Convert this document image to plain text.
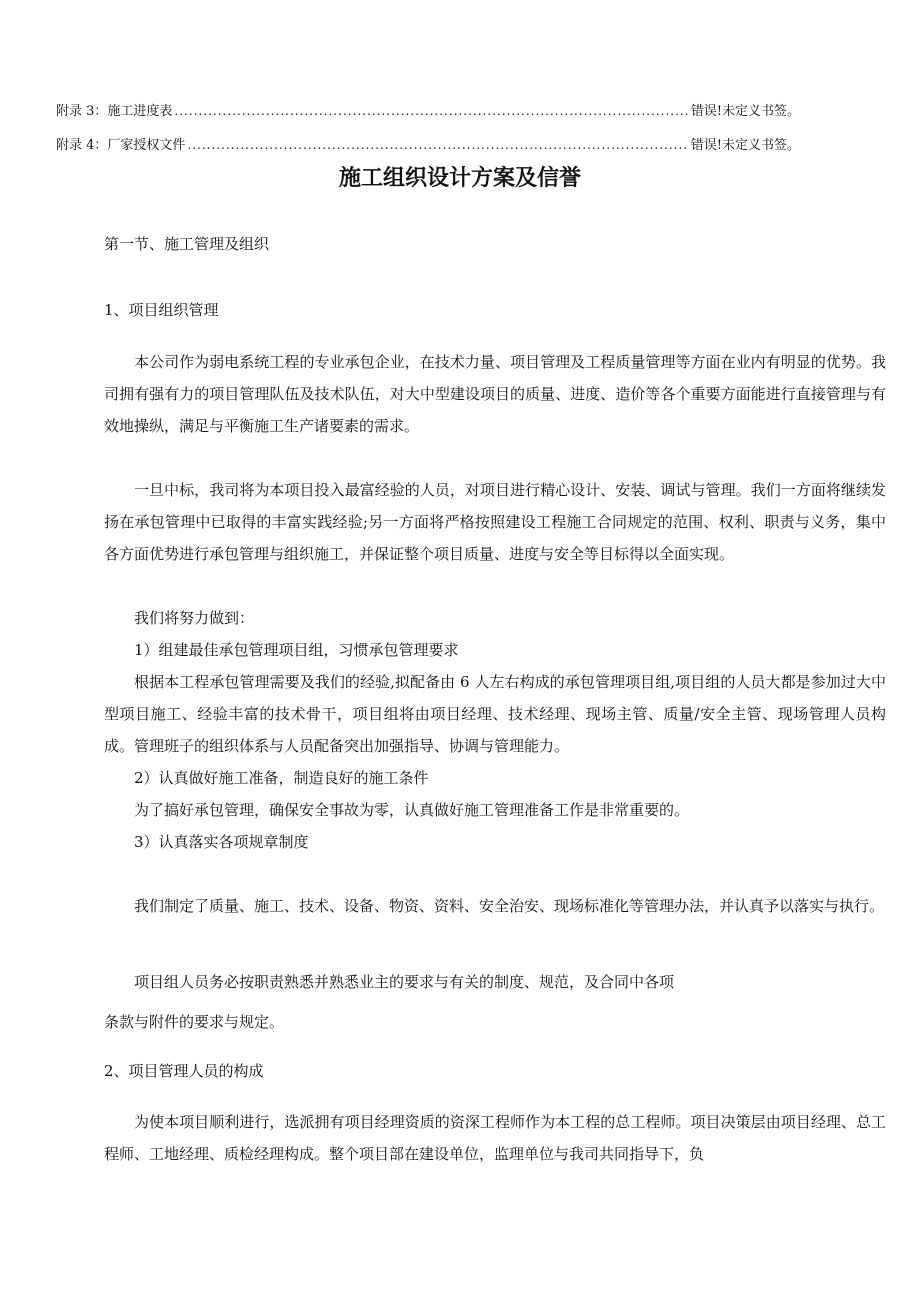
附录 3：施工进度表 .....	错误!未定义书签。
附录 4：厂家授权文件 .....	错误!未定义书签。
施工组织设计方案及信誉

第一节、施工管理及组织

1、项目组织管理

本公司作为弱电系统工程的专业承包企业，在技术力量、项目管理及工程质量管理等方面在业内有明显的优势。我司拥有强有力的项目管理队伍及技术队伍，对大中型建设项目的质量、进度、造价等各个重要方面能进行直接管理与有效地操纵，满足与平衡施工生产诸要素的需求。

一旦中标，我司将为本项目投入最富经验的人员，对项目进行精心设计、安装、调试与管理。我们一方面将继续发扬在承包管理中已取得的丰富实践经验;另一方面将严格按照建设工程施工合同规定的范围、权利、职责与义务，集中各方面优势进行承包管理与组织施工，并保证整个项目质量、进度与安全等目标得以全面实现。

我们将努力做到：

1）组建最佳承包管理项目组，习惯承包管理要求

根据本工程承包管理需要及我们的经验,拟配备由 6 人左右构成的承包管理项目组,项目组的人员大都是参加过大中型项目施工、经验丰富的技术骨干，项目组将由项目经理、技术经理、现场主管、质量/安全主管、现场管理人员构成。管理班子的组织体系与人员配备突出加强指导、协调与管理能力。

2）认真做好施工准备，制造良好的施工条件

为了搞好承包管理，确保安全事故为零，认真做好施工管理准备工作是非常重要的。

3）认真落实各项规章制度

我们制定了质量、施工、技术、设备、物资、资料、安全治安、现场标准化等管理办法，并认真予以落实与执行。

项目组人员务必按职责熟悉并熟悉业主的要求与有关的制度、规范，及合同中各项

条款与附件的要求与规定。

2、项目管理人员的构成

为使本项目顺利进行，选派拥有项目经理资质的资深工程师作为本工程的总工程师。项目决策层由项目经理、总工程师、工地经理、质检经理构成。整个项目部在建设单位，监理单位与我司共同指导下，负
